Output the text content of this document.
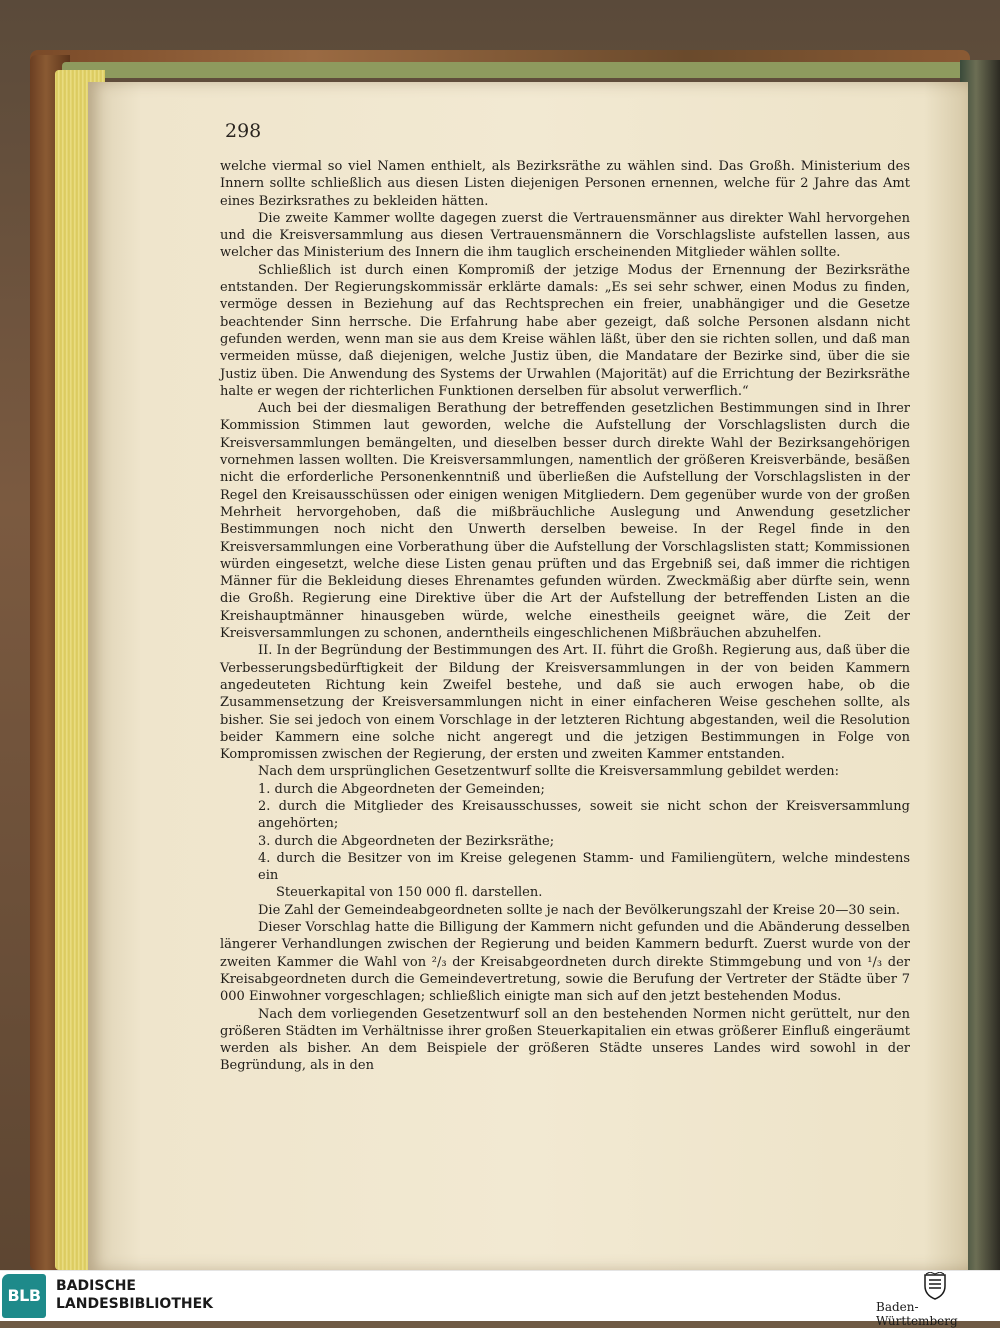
298

welche viermal so viel Namen enthielt, als Bezirksräthe zu wählen sind. Das Großh. Ministerium des Innern sollte schließlich aus diesen Listen diejenigen Personen ernennen, welche für 2 Jahre das Amt eines Bezirksrathes zu bekleiden hätten.

Die zweite Kammer wollte dagegen zuerst die Vertrauensmänner aus direkter Wahl hervorgehen und die Kreisversammlung aus diesen Vertrauensmännern die Vorschlagsliste aufstellen lassen, aus welcher das Ministerium des Innern die ihm tauglich erscheinenden Mitglieder wählen sollte.

Schließlich ist durch einen Kompromiß der jetzige Modus der Ernennung der Bezirksräthe entstanden. Der Regierungskommissär erklärte damals: „Es sei sehr schwer, einen Modus zu finden, vermöge dessen in Beziehung auf das Rechtsprechen ein freier, unabhängiger und die Gesetze beachtender Sinn herrsche. Die Erfahrung habe aber gezeigt, daß solche Personen alsdann nicht gefunden werden, wenn man sie aus dem Kreise wählen läßt, über den sie richten sollen, und daß man vermeiden müsse, daß diejenigen, welche Justiz üben, die Mandatare der Bezirke sind, über die sie Justiz üben. Die Anwendung des Systems der Urwahlen (Majorität) auf die Errichtung der Bezirksräthe halte er wegen der richterlichen Funktionen derselben für absolut verwerflich.“

Auch bei der diesmaligen Berathung der betreffenden gesetzlichen Bestimmungen sind in Ihrer Kommission Stimmen laut geworden, welche die Aufstellung der Vorschlagslisten durch die Kreisversammlungen bemängelten, und dieselben besser durch direkte Wahl der Bezirksangehörigen vornehmen lassen wollten. Die Kreisversammlungen, namentlich der größeren Kreisverbände, besäßen nicht die erforderliche Personenkenntniß und überließen die Aufstellung der Vorschlagslisten in der Regel den Kreisausschüssen oder einigen wenigen Mitgliedern. Dem gegenüber wurde von der großen Mehrheit hervorgehoben, daß die mißbräuchliche Auslegung und Anwendung gesetzlicher Bestimmungen noch nicht den Unwerth derselben beweise. In der Regel finde in den Kreisversammlungen eine Vorberathung über die Aufstellung der Vorschlagslisten statt; Kommissionen würden eingesetzt, welche diese Listen genau prüften und das Ergebniß sei, daß immer die richtigen Männer für die Bekleidung dieses Ehrenamtes gefunden würden. Zweckmäßig aber dürfte sein, wenn die Großh. Regierung eine Direktive über die Art der Aufstellung der betreffenden Listen an die Kreishauptmänner hinausgeben würde, welche einestheils geeignet wäre, die Zeit der Kreisversammlungen zu schonen, anderntheils eingeschlichenen Mißbräuchen abzuhelfen.

II. In der Begründung der Bestimmungen des Art. II. führt die Großh. Regierung aus, daß über die Verbesserungsbedürftigkeit der Bildung der Kreisversammlungen in der von beiden Kammern angedeuteten Richtung kein Zweifel bestehe, und daß sie auch erwogen habe, ob die Zusammensetzung der Kreisversammlungen nicht in einer einfacheren Weise geschehen sollte, als bisher. Sie sei jedoch von einem Vorschlage in der letzteren Richtung abgestanden, weil die Resolution beider Kammern eine solche nicht angeregt und die jetzigen Bestimmungen in Folge von Kompromissen zwischen der Regierung, der ersten und zweiten Kammer entstanden.

Nach dem ursprünglichen Gesetzentwurf sollte die Kreisversammlung gebildet werden:

1. durch die Abgeordneten der Gemeinden;
2. durch die Mitglieder des Kreisausschusses, soweit sie nicht schon der Kreisversammlung angehörten;
3. durch die Abgeordneten der Bezirksräthe;
4. durch die Besitzer von im Kreise gelegenen Stamm- und Familiengütern, welche mindestens ein
Steuerkapital von 150 000 fl. darstellen.

Die Zahl der Gemeindeabgeordneten sollte je nach der Bevölkerungszahl der Kreise 20—30 sein.

Dieser Vorschlag hatte die Billigung der Kammern nicht gefunden und die Abänderung desselben längerer Verhandlungen zwischen der Regierung und beiden Kammern bedurft. Zuerst wurde von der zweiten Kammer die Wahl von ²/₃ der Kreisabgeordneten durch direkte Stimmgebung und von ¹/₃ der Kreisabgeordneten durch die Gemeindevertretung, sowie die Berufung der Vertreter der Städte über 7 000 Einwohner vorgeschlagen; schließlich einigte man sich auf den jetzt bestehenden Modus.

Nach dem vorliegenden Gesetzentwurf soll an den bestehenden Normen nicht gerüttelt, nur den größeren Städten im Verhältnisse ihrer großen Steuerkapitalien ein etwas größerer Einfluß eingeräumt werden als bisher. An dem Beispiele der größeren Städte unseres Landes wird sowohl in der Begründung, als in den

BLB	BADISCHE
LANDESBIBLIOTHEK	Baden-Württemberg
